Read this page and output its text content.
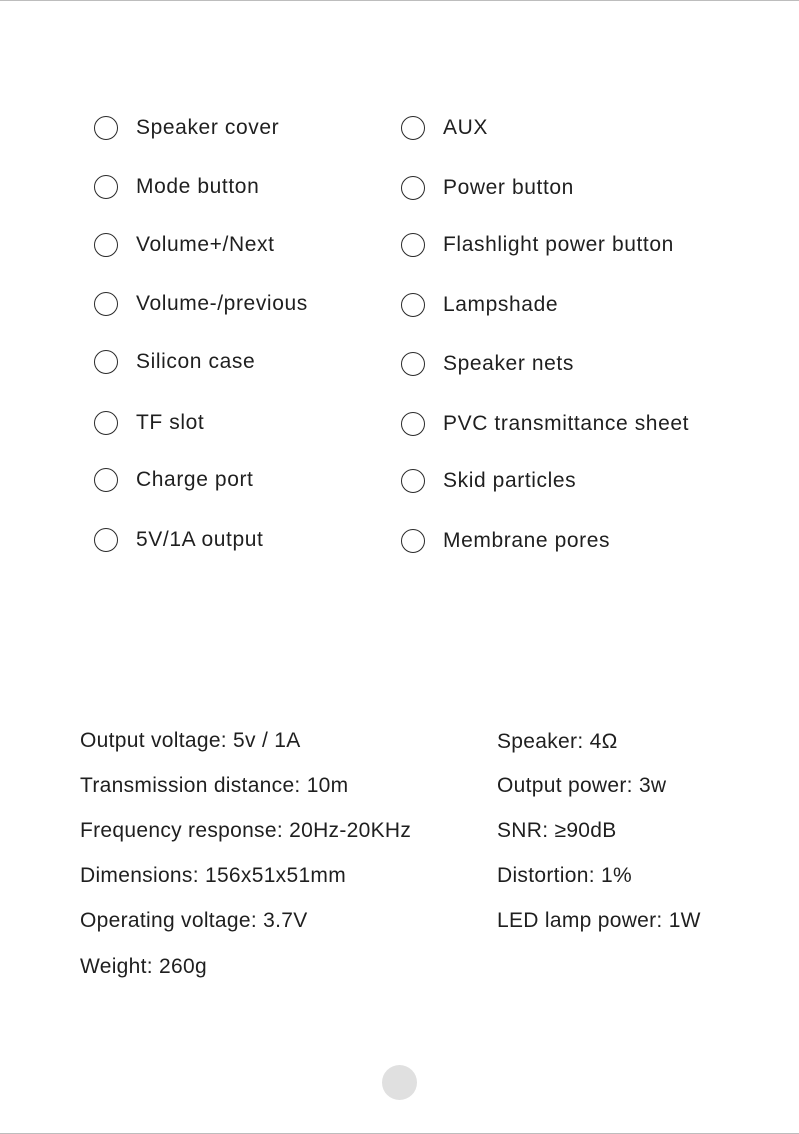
Speaker cover
Mode button
Volume+/Next
Volume-/previous
Silicon case
TF slot
Charge port
5V/1A output
AUX
Power button
Flashlight power button
Lampshade
Speaker nets
PVC transmittance sheet
Skid particles
Membrane pores
Output voltage: 5v / 1A
Transmission distance: 10m
Frequency response: 20Hz-20KHz
Dimensions: 156x51x51mm
Operating voltage: 3.7V
Weight: 260g
Speaker: 4Ω
Output power: 3w
SNR: ≥90dB
Distortion: 1%
LED lamp power: 1W
